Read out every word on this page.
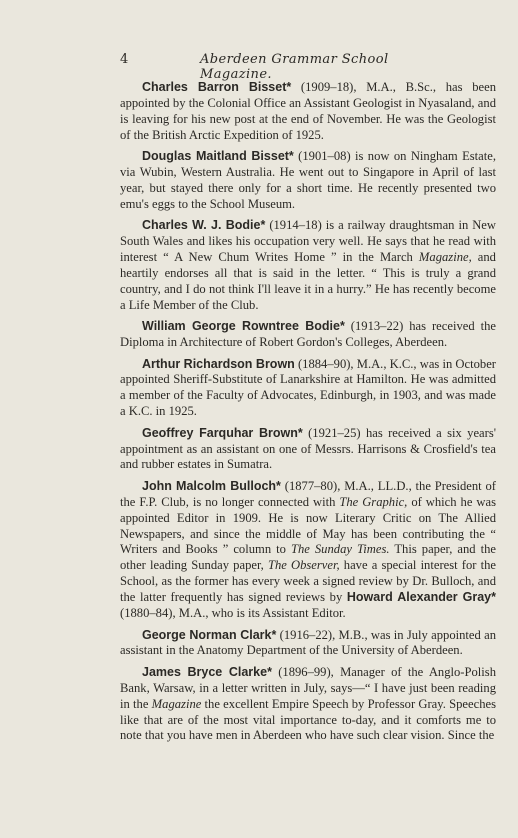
4	Aberdeen Grammar School Magazine.

Charles Barron Bisset* (1909–18), M.A., B.Sc., has been appointed by the Colonial Office an Assistant Geologist in Nyasaland, and is leaving for his new post at the end of November. He was the Geologist of the British Arctic Expedition of 1925.

Douglas Maitland Bisset* (1901–08) is now on Ningham Estate, via Wubin, Western Australia. He went out to Singapore in April of last year, but stayed there only for a short time. He recently presented two emu's eggs to the School Museum.

Charles W. J. Bodie* (1914–18) is a railway draughtsman in New South Wales and likes his occupation very well. He says that he read with interest “ A New Chum Writes Home ” in the March Magazine, and heartily endorses all that is said in the letter. “ This is truly a grand country, and I do not think I'll leave it in a hurry.” He has recently become a Life Member of the Club.

William George Rowntree Bodie* (1913–22) has received the Diploma in Architecture of Robert Gordon's Colleges, Aberdeen.

Arthur Richardson Brown (1884–90), M.A., K.C., was in October appointed Sheriff-Substitute of Lanarkshire at Hamilton. He was admitted a member of the Faculty of Advocates, Edinburgh, in 1903, and was made a K.C. in 1925.

Geoffrey Farquhar Brown* (1921–25) has received a six years' appointment as an assistant on one of Messrs. Harrisons & Crosfield's tea and rubber estates in Sumatra.

John Malcolm Bulloch* (1877–80), M.A., LL.D., the President of the F.P. Club, is no longer connected with The Graphic, of which he was appointed Editor in 1909. He is now Literary Critic on The Allied Newspapers, and since the middle of May has been contributing the “ Writers and Books ” column to The Sunday Times. This paper, and the other leading Sunday paper, The Observer, have a special interest for the School, as the former has every week a signed review by Dr. Bulloch, and the latter frequently has signed reviews by Howard Alexander Gray* (1880–84), M.A., who is its Assistant Editor.

George Norman Clark* (1916–22), M.B., was in July appointed an assistant in the Anatomy Department of the University of Aberdeen.

James Bryce Clarke* (1896–99), Manager of the Anglo-Polish Bank, Warsaw, in a letter written in July, says—“ I have just been reading in the Magazine the excellent Empire Speech by Professor Gray. Speeches like that are of the most vital importance to-day, and it comforts me to note that you have men in Aberdeen who have such clear vision. Since the
